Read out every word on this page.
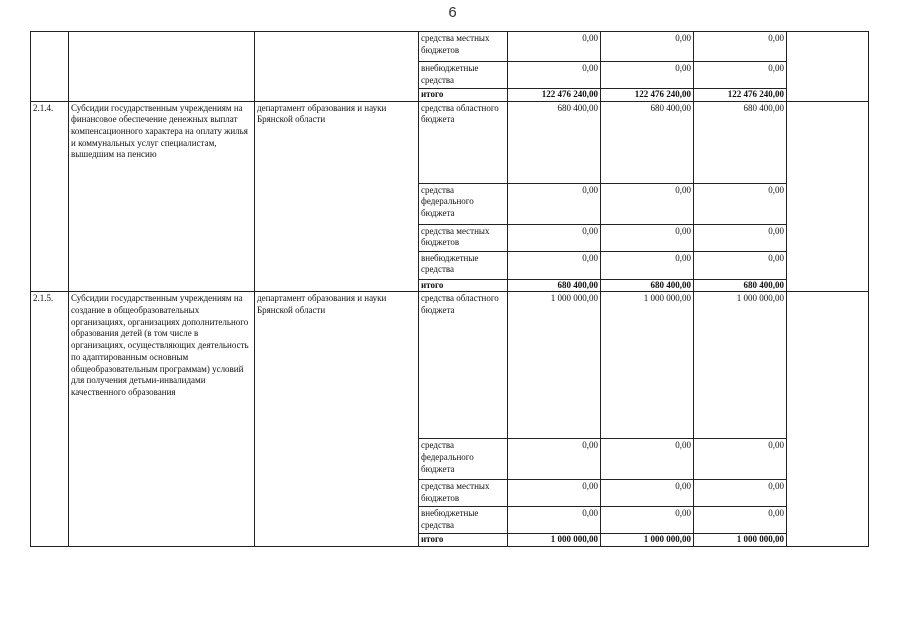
6
			средства местных бюджетов	0,00	0,00	0,00	
			внебюджетные средства	0,00	0,00	0,00	
			итого	122 476 240,00	122 476 240,00	122 476 240,00	
2.1.4.	Субсидии государственным учреждениям на финансовое обеспечение денежных выплат компенсационного характера на оплату жилья и коммунальных услуг специалистам, вышедшим на пенсию	департамент образования и науки Брянской области	средства областного бюджета	680 400,00	680 400,00	680 400,00	
			средства федерального бюджета	0,00	0,00	0,00	
			средства местных бюджетов	0,00	0,00	0,00	
			внебюджетные средства	0,00	0,00	0,00	
			итого	680 400,00	680 400,00	680 400,00	
2.1.5.	Субсидии государственным учреждениям на создание в общеобразовательных организациях, организациях дополнительного образования детей (в том числе в организациях, осуществляющих деятельность по адаптированным основным общеобразовательным программам) условий для получения детьми-инвалидами качественного образования	департамент образования и науки Брянской области	средства областного бюджета	1 000 000,00	1 000 000,00	1 000 000,00	
			средства федерального бюджета	0,00	0,00	0,00	
			средства местных бюджетов	0,00	0,00	0,00	
			внебюджетные средства	0,00	0,00	0,00	
			итого	1 000 000,00	1 000 000,00	1 000 000,00	
